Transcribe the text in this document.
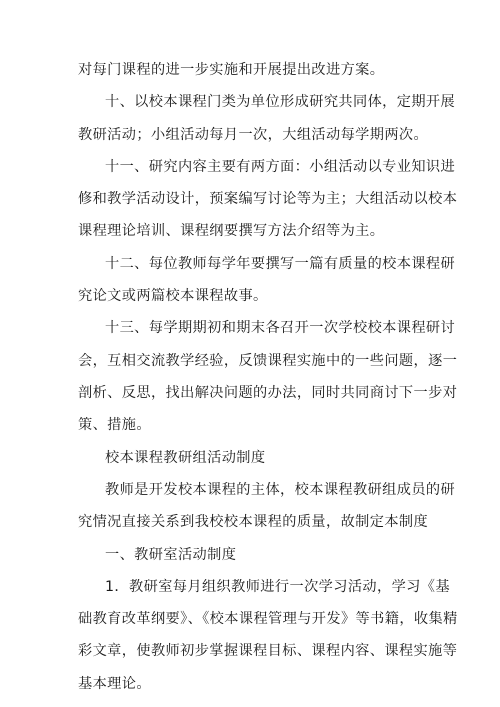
对每门课程的进一步实施和开展提出改进方案。
十、以校本课程门类为单位形成研究共同体，定期开展
教研活动；小组活动每月一次，大组活动每学期两次。
十一、研究内容主要有两方面：小组活动以专业知识进
修和教学活动设计，预案编写讨论等为主；大组活动以校本
课程理论培训、课程纲要撰写方法介绍等为主。
十二、每位教师每学年要撰写一篇有质量的校本课程研
究论文或两篇校本课程故事。
十三、每学期期初和期末各召开一次学校校本课程研讨
会，互相交流教学经验，反馈课程实施中的一些问题，逐一
剖析、反思，找出解决问题的办法，同时共同商讨下一步对
策、措施。
校本课程教研组活动制度
教师是开发校本课程的主体，校本课程教研组成员的研
究情况直接关系到我校校本课程的质量，故制定本制度
一、教研室活动制度
1．教研室每月组织教师进行一次学习活动，学习《基
础教育改革纲要》、《校本课程管理与开发》等书籍，收集精
彩文章，使教师初步掌握课程目标、课程内容、课程实施等
基本理论。
